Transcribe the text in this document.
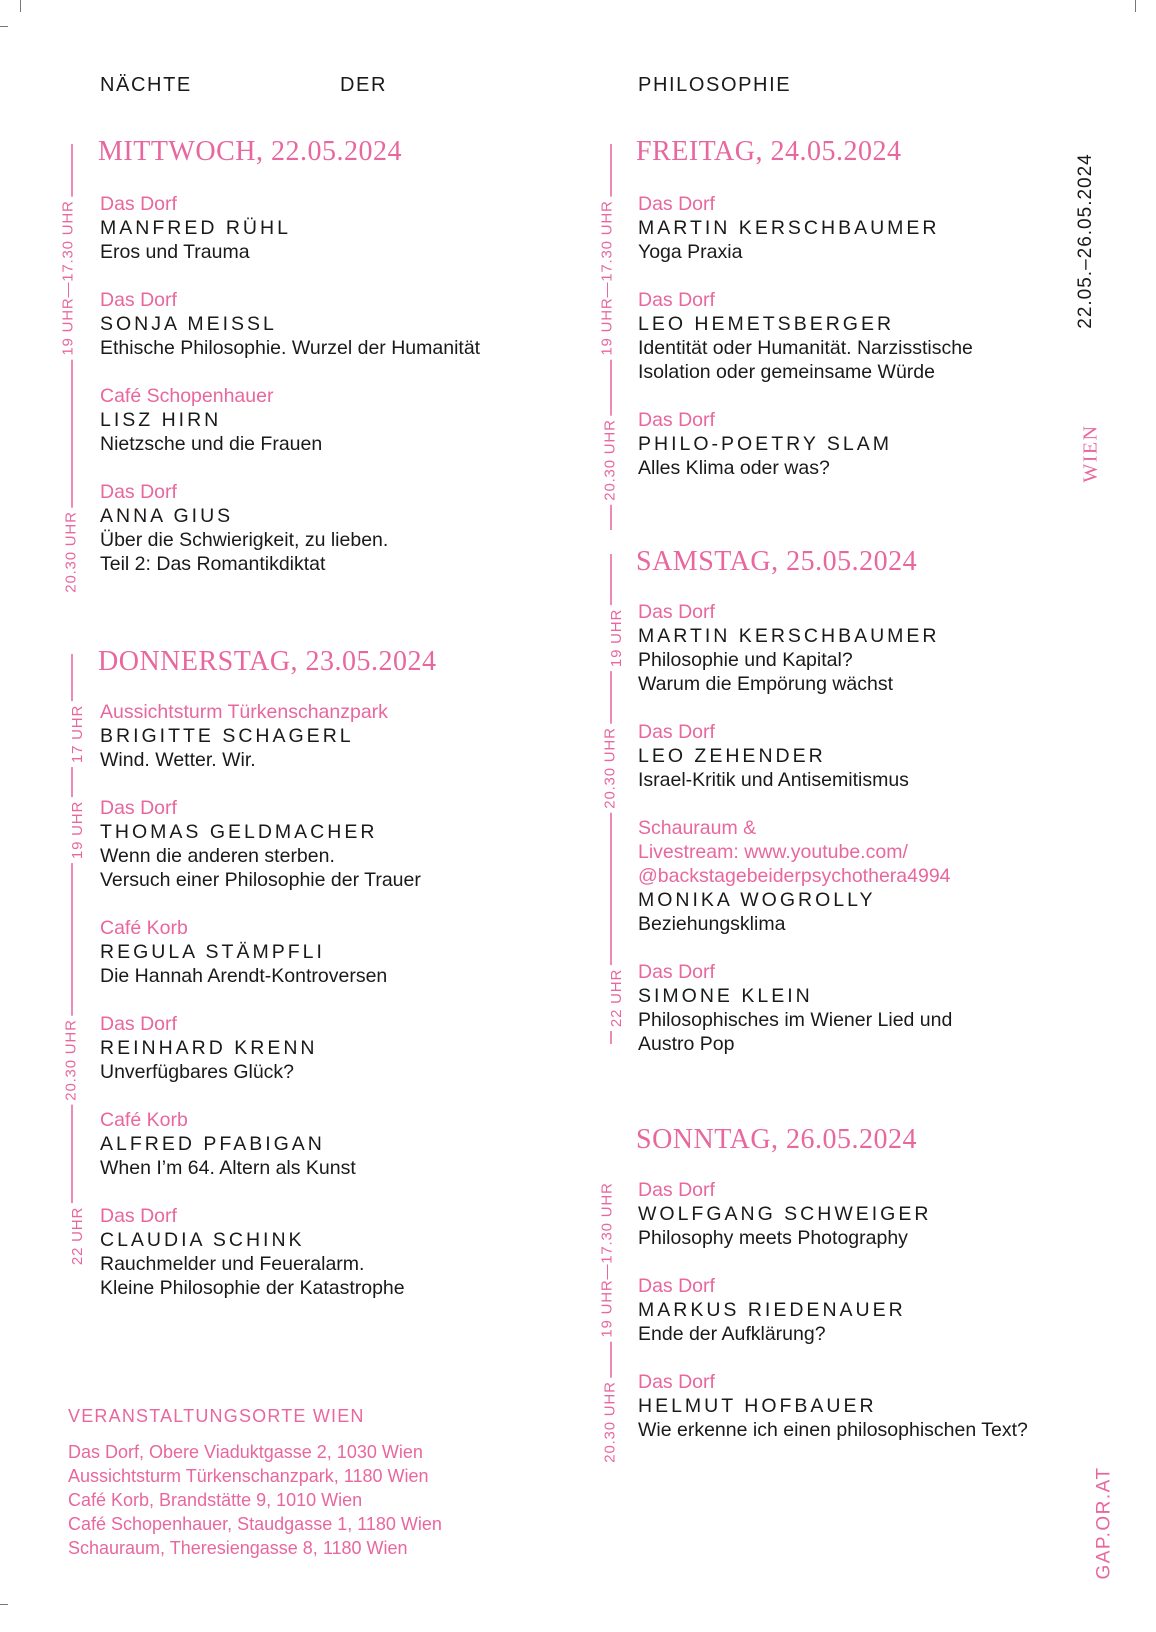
NÄCHTE	DER	PHILOSOPHIE
MITTWOCH, 22.05.2024
19 UHR—17.30 UHR
20.30 UHR
Das Dorf
MANFRED RÜHL
Eros und Trauma
Das Dorf
SONJA MEISSL
Ethische Philosophie. Wurzel der Humanität
Café Schopenhauer
LISZ HIRN
Nietzsche und die Frauen
Das Dorf
ANNA GIUS
Über die Schwierigkeit, zu lieben.
Teil 2: Das Romantikdiktat
DONNERSTAG, 23.05.2024
17 UHR
19 UHR
20.30 UHR
22 UHR
Aussichtsturm Türkenschanzpark
BRIGITTE SCHAGERL
Wind. Wetter. Wir.
Das Dorf
THOMAS GELDMACHER
Wenn die anderen sterben.
Versuch einer Philosophie der Trauer
Café Korb
REGULA STÄMPFLI
Die Hannah Arendt-Kontroversen
Das Dorf
REINHARD KRENN
Unverfügbares Glück?
Café Korb
ALFRED PFABIGAN
When I’m 64. Altern als Kunst
Das Dorf
CLAUDIA SCHINK
Rauchmelder und Feueralarm.
Kleine Philosophie der Katastrophe
VERANSTALTUNGSORTE WIEN
Das Dorf, Obere Viaduktgasse 2, 1030 Wien
Aussichtsturm Türkenschanzpark, 1180 Wien
Café Korb, Brandstätte 9, 1010 Wien
Café Schopenhauer, Staudgasse 1, 1180 Wien
Schauraum, Theresiengasse 8, 1180 Wien
FREITAG, 24.05.2024
19 UHR—17.30 UHR
20.30 UHR
Das Dorf
MARTIN KERSCHBAUMER
Yoga Praxia
Das Dorf
LEO HEMETSBERGER
Identität oder Humanität. Narzisstische
Isolation oder gemeinsame Würde
Das Dorf
PHILO-POETRY SLAM
Alles Klima oder was?
SAMSTAG, 25.05.2024
19 UHR
20.30 UHR
22 UHR
Das Dorf
MARTIN KERSCHBAUMER
Philosophie und Kapital?
Warum die Empörung wächst
Das Dorf
LEO ZEHENDER
Israel-Kritik und Antisemitismus
Schauraum &
Livestream: www.youtube.com/
@backstagebeiderpsychothera4994
MONIKA WOGROLLY
Beziehungsklima
Das Dorf
SIMONE KLEIN
Philosophisches im Wiener Lied und
Austro Pop
SONNTAG, 26.05.2024
19 UHR—17.30 UHR
20.30 UHR
Das Dorf
WOLFGANG SCHWEIGER
Philosophy meets Photography
Das Dorf
MARKUS RIEDENAUER
Ende der Aufklärung?
Das Dorf
HELMUT HOFBAUER
Wie erkenne ich einen philosophischen Text?
22.05.–26.05.2024
WIEN
GAP.OR.AT
